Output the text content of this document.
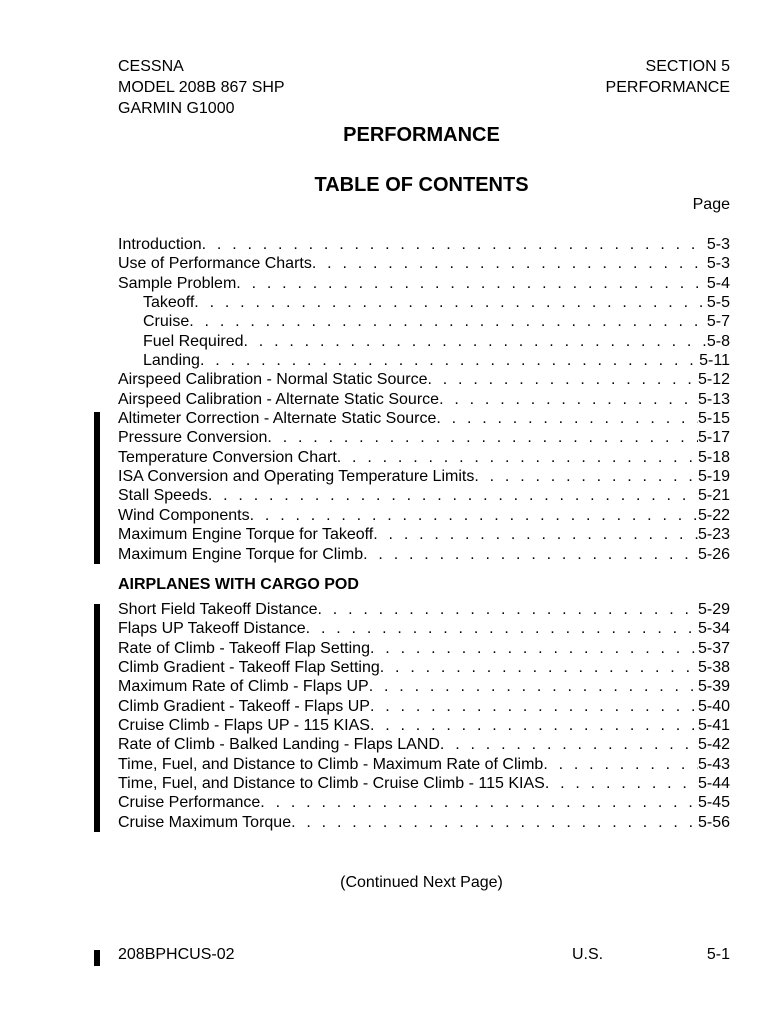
CESSNA
MODEL 208B 867 SHP
GARMIN G1000
SECTION 5
PERFORMANCE
PERFORMANCE
TABLE OF CONTENTS
Page
Introduction . . .	5-3
Use of Performance Charts . . .	5-3
Sample Problem . . .	5-4
Takeoff . . .	5-5
Cruise . . .	5-7
Fuel Required . . .	5-8
Landing . . .	5-11
Airspeed Calibration - Normal Static Source . . .	5-12
Airspeed Calibration - Alternate Static Source . . .	5-13
Altimeter Correction - Alternate Static Source . . .	5-15
Pressure Conversion . . .	5-17
Temperature Conversion Chart . . .	5-18
ISA Conversion and Operating Temperature Limits . . .	5-19
Stall Speeds . . .	5-21
Wind Components . . .	5-22
Maximum Engine Torque for Takeoff . . .	5-23
Maximum Engine Torque for Climb . . .	5-26
AIRPLANES WITH CARGO POD
Short Field Takeoff Distance . . .	5-29
Flaps UP Takeoff Distance . . .	5-34
Rate of Climb - Takeoff Flap Setting . . .	5-37
Climb Gradient - Takeoff Flap Setting . . .	5-38
Maximum Rate of Climb - Flaps UP . . .	5-39
Climb Gradient - Takeoff - Flaps UP . . .	5-40
Cruise Climb - Flaps UP - 115 KIAS . . .	5-41
Rate of Climb - Balked Landing - Flaps LAND . . .	5-42
Time, Fuel, and Distance to Climb - Maximum Rate of Climb . . .	5-43
Time, Fuel, and Distance to Climb - Cruise Climb - 115 KIAS . . .	5-44
Cruise Performance . . .	5-45
Cruise Maximum Torque . . .	5-56
(Continued Next Page)
208BPHCUS-02	U.S.	5-1
